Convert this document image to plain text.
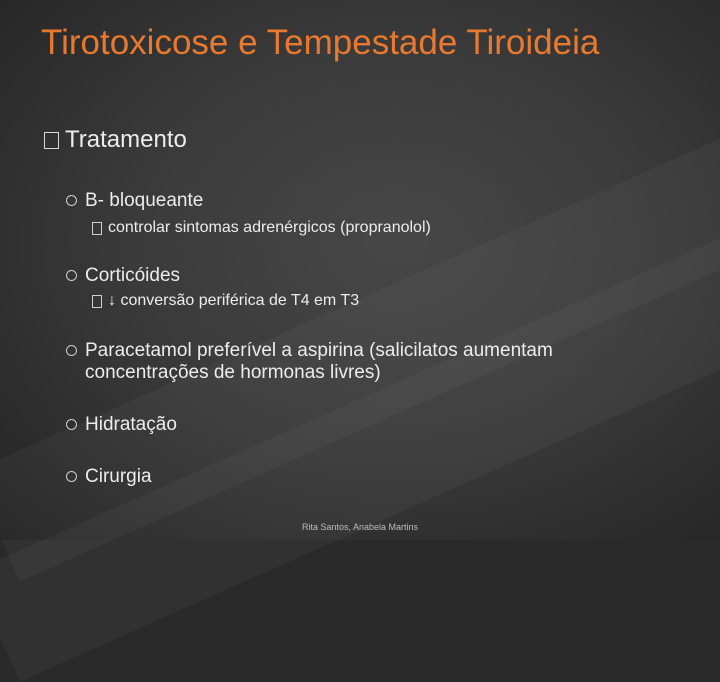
Tirotoxicose e Tempestade Tiroideia
Tratamento
B- bloqueante
controlar sintomas adrenérgicos (propranolol)
Corticóides
↓ conversão periférica de T4 em T3
Paracetamol preferível a aspirina (salicilatos aumentam
concentrações de hormonas livres)
Hidratação
Cirurgia
Rita Santos, Anabela Martins
